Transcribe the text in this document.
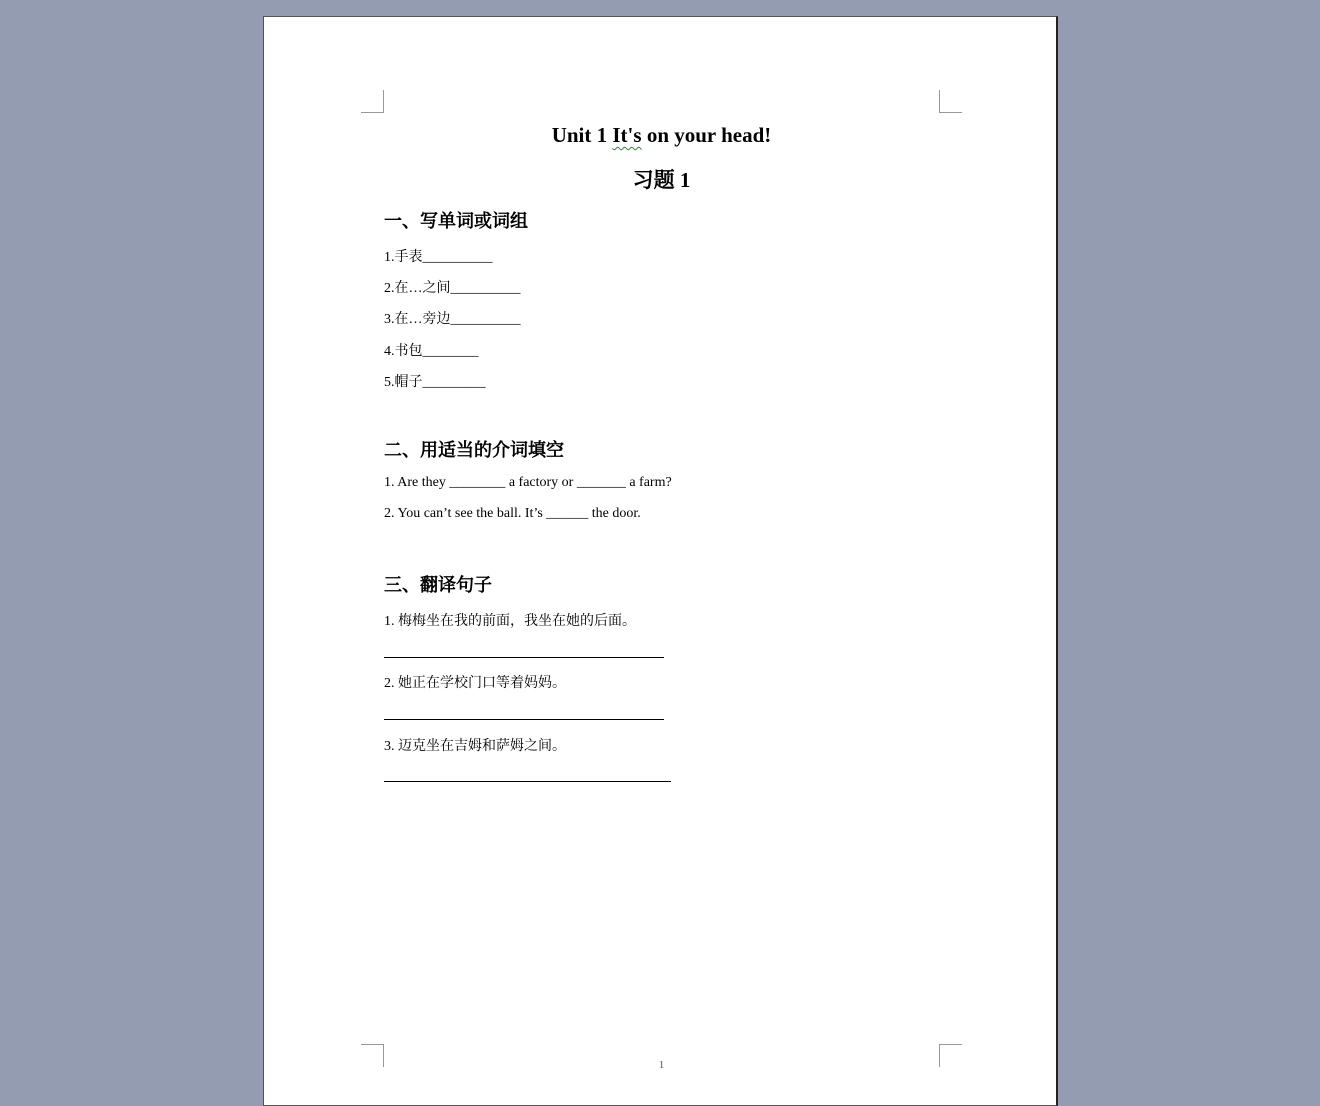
Unit 1 It's on your head!
习题 1
一、写单词或词组
1.手表__________
2.在…之间__________
3.在…旁边__________
4.书包________
5.帽子_________
二、用适当的介词填空
1. Are they ________ a factory or _______ a farm?
2. You can’t see the ball. It’s ______ the door.
三、翻译句子
1. 梅梅坐在我的前面，我坐在她的后面。
2. 她正在学校门口等着妈妈。
3. 迈克坐在吉姆和萨姆之间。
1
